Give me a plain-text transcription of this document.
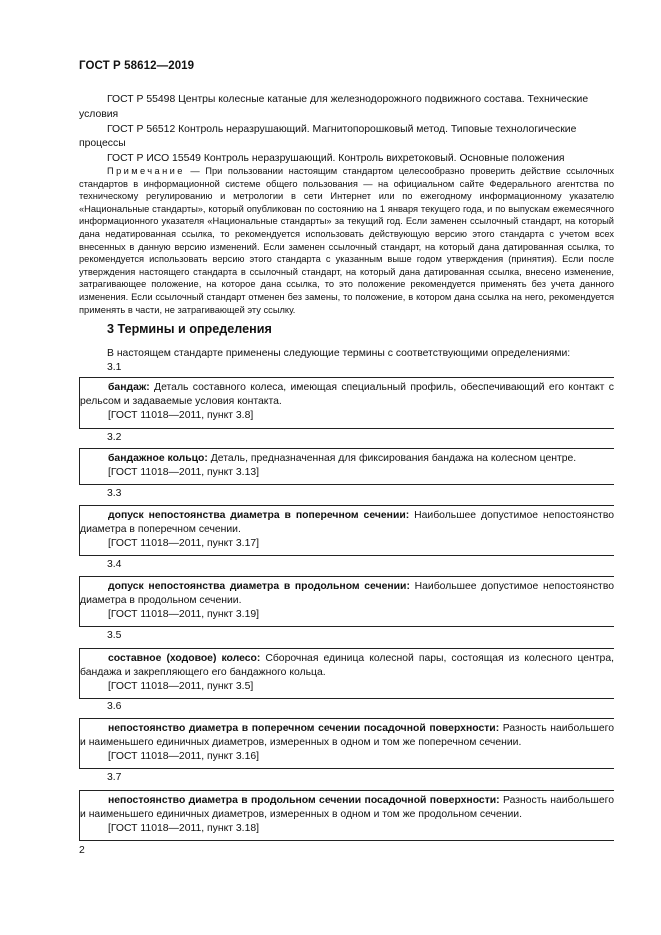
ГОСТ Р 58612—2019

ГОСТ Р 55498 Центры колесные катаные для железнодорожного подвижного состава. Технические условия

ГОСТ Р 56512 Контроль неразрушающий. Магнитопорошковый метод. Типовые технологические процессы

ГОСТ Р ИСО 15549 Контроль неразрушающий. Контроль вихретоковый. Основные положения

Примечание — При пользовании настоящим стандартом целесообразно проверить действие ссылочных стандартов в информационной системе общего пользования — на официальном сайте Федерального агентства по техническому регулированию и метрологии в сети Интернет или по ежегодному информационному указателю «Национальные стандарты», который опубликован по состоянию на 1 января текущего года, и по выпускам ежемесячного информационного указателя «Национальные стандарты» за текущий год. Если заменен ссылочный стандарт, на который дана недатированная ссылка, то рекомендуется использовать действующую версию этого стандарта с учетом всех внесенных в данную версию изменений. Если заменен ссылочный стандарт, на который дана датированная ссылка, то рекомендуется использовать версию этого стандарта с указанным выше годом утверждения (принятия). Если после утверждения настоящего стандарта в ссылочный стандарт, на который дана датированная ссылка, внесено изменение, затрагивающее положение, на которое дана ссылка, то это положение рекомендуется применять без учета данного изменения. Если ссылочный стандарт отменен без замены, то положение, в котором дана ссылка на него, рекомендуется применять в части, не затрагивающей эту ссылку.

3 Термины и определения
В настоящем стандарте применены следующие термины с соответствующими определениями:
3.1

бандаж: Деталь составного колеса, имеющая специальный профиль, обеспечивающий его контакт с рельсом и задаваемые условия контакта.

[ГОСТ 11018—2011, пункт 3.8]
3.2

бандажное кольцо: Деталь, предназначенная для фиксирования бандажа на колесном центре.

[ГОСТ 11018—2011, пункт 3.13]
3.3

допуск непостоянства диаметра в поперечном сечении: Наибольшее допустимое непостоянство диаметра в поперечном сечении.

[ГОСТ 11018—2011, пункт 3.17]
3.4

допуск непостоянства диаметра в продольном сечении: Наибольшее допустимое непостоянство диаметра в продольном сечении.

[ГОСТ 11018—2011, пункт 3.19]
3.5

составное (ходовое) колесо: Сборочная единица колесной пары, состоящая из колесного центра, бандажа и закрепляющего его бандажного кольца.

[ГОСТ 11018—2011, пункт 3.5]
3.6

непостоянство диаметра в поперечном сечении посадочной поверхности: Разность наибольшего и наименьшего единичных диаметров, измеренных в одном и том же поперечном сечении.

[ГОСТ 11018—2011, пункт 3.16]
3.7

непостоянство диаметра в продольном сечении посадочной поверхности: Разность наибольшего и наименьшего единичных диаметров, измеренных в одном и том же продольном сечении.

[ГОСТ 11018—2011, пункт 3.18]
2
